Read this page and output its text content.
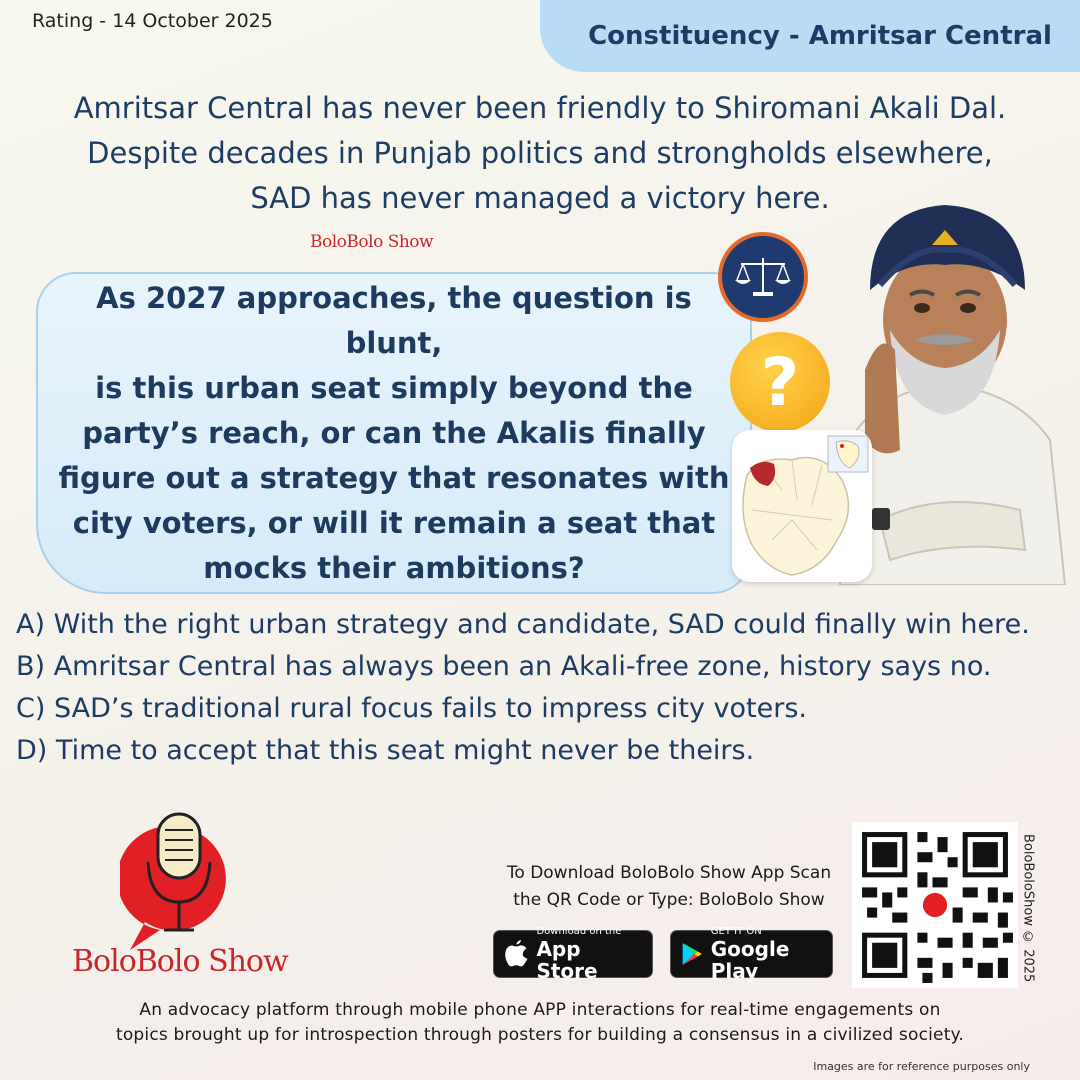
Rating - 14 October 2025	Constituency - Amritsar Central
Amritsar Central has never been friendly to Shiromani Akali Dal.
Despite decades in Punjab politics and strongholds elsewhere,
SAD has never managed a victory here.
BoloBolo Show

As 2027 approaches, the question is blunt,
is this urban seat simply beyond the
party’s reach, or can the Akalis finally
figure out a strategy that resonates with
city voters, or will it remain a seat that
mocks their ambitions?

?
A) With the right urban strategy and candidate, SAD could finally win here.
B) Amritsar Central has always been an Akali-free zone, history says no.
C) SAD’s traditional rural focus fails to impress city voters.
D) Time to accept that this seat might never be theirs.
BoloBolo Show
To Download BoloBolo Show App Scan
the QR Code or Type: BoloBolo Show
Download on the
App Store
GET IT ON
Google Play	BoloBoloShow © 2025
An advocacy platform through mobile phone APP interactions for real-time engagements on
topics brought up for introspection through posters for building a consensus in a civilized society.
Images are for reference purposes only
